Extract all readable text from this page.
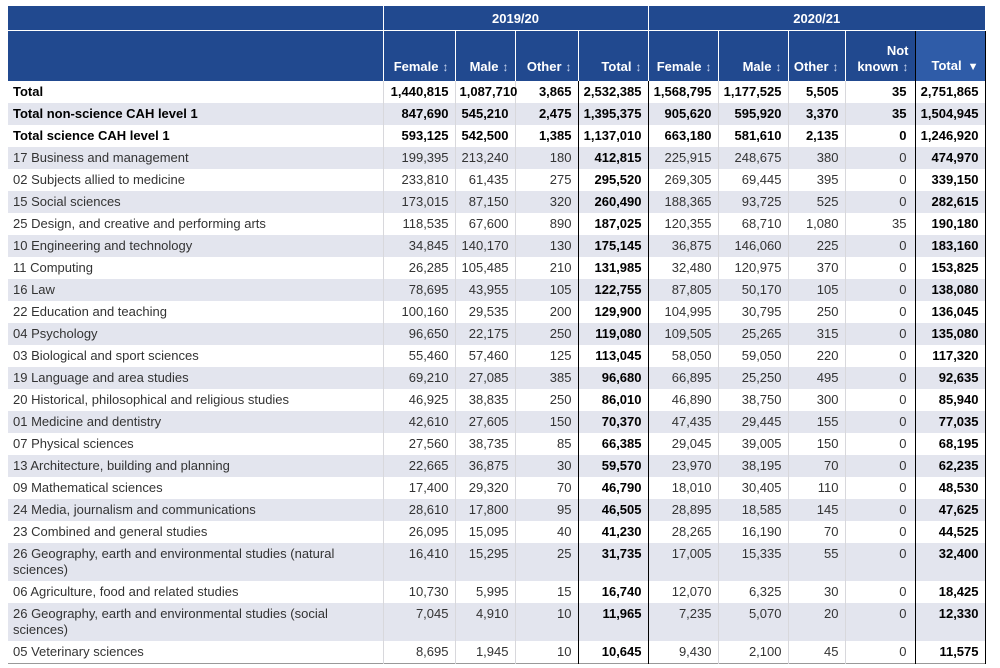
	2019/20				2020/21				
	Female ↕	Male ↕	Other ↕	Total ↕	Female ↕	Male ↕	Other ↕	Not known ↕	Total ▼
Total	1,440,815	1,087,710	3,865	2,532,385	1,568,795	1,177,525	5,505	35	2,751,865
Total non-science CAH level 1	847,690	545,210	2,475	1,395,375	905,620	595,920	3,370	35	1,504,945
Total science CAH level 1	593,125	542,500	1,385	1,137,010	663,180	581,610	2,135	0	1,246,920
17 Business and management	199,395	213,240	180	412,815	225,915	248,675	380	0	474,970
02 Subjects allied to medicine	233,810	61,435	275	295,520	269,305	69,445	395	0	339,150
15 Social sciences	173,015	87,150	320	260,490	188,365	93,725	525	0	282,615
25 Design, and creative and performing arts	118,535	67,600	890	187,025	120,355	68,710	1,080	35	190,180
10 Engineering and technology	34,845	140,170	130	175,145	36,875	146,060	225	0	183,160
11 Computing	26,285	105,485	210	131,985	32,480	120,975	370	0	153,825
16 Law	78,695	43,955	105	122,755	87,805	50,170	105	0	138,080
22 Education and teaching	100,160	29,535	200	129,900	104,995	30,795	250	0	136,045
04 Psychology	96,650	22,175	250	119,080	109,505	25,265	315	0	135,080
03 Biological and sport sciences	55,460	57,460	125	113,045	58,050	59,050	220	0	117,320
19 Language and area studies	69,210	27,085	385	96,680	66,895	25,250	495	0	92,635
20 Historical, philosophical and religious studies	46,925	38,835	250	86,010	46,890	38,750	300	0	85,940
01 Medicine and dentistry	42,610	27,605	150	70,370	47,435	29,445	155	0	77,035
07 Physical sciences	27,560	38,735	85	66,385	29,045	39,005	150	0	68,195
13 Architecture, building and planning	22,665	36,875	30	59,570	23,970	38,195	70	0	62,235
09 Mathematical sciences	17,400	29,320	70	46,790	18,010	30,405	110	0	48,530
24 Media, journalism and communications	28,610	17,800	95	46,505	28,895	18,585	145	0	47,625
23 Combined and general studies	26,095	15,095	40	41,230	28,265	16,190	70	0	44,525
26 Geography, earth and environmental studies (natural sciences)	16,410	15,295	25	31,735	17,005	15,335	55	0	32,400
06 Agriculture, food and related studies	10,730	5,995	15	16,740	12,070	6,325	30	0	18,425
26 Geography, earth and environmental studies (social sciences)	7,045	4,910	10	11,965	7,235	5,070	20	0	12,330
05 Veterinary sciences	8,695	1,945	10	10,645	9,430	2,100	45	0	11,575
